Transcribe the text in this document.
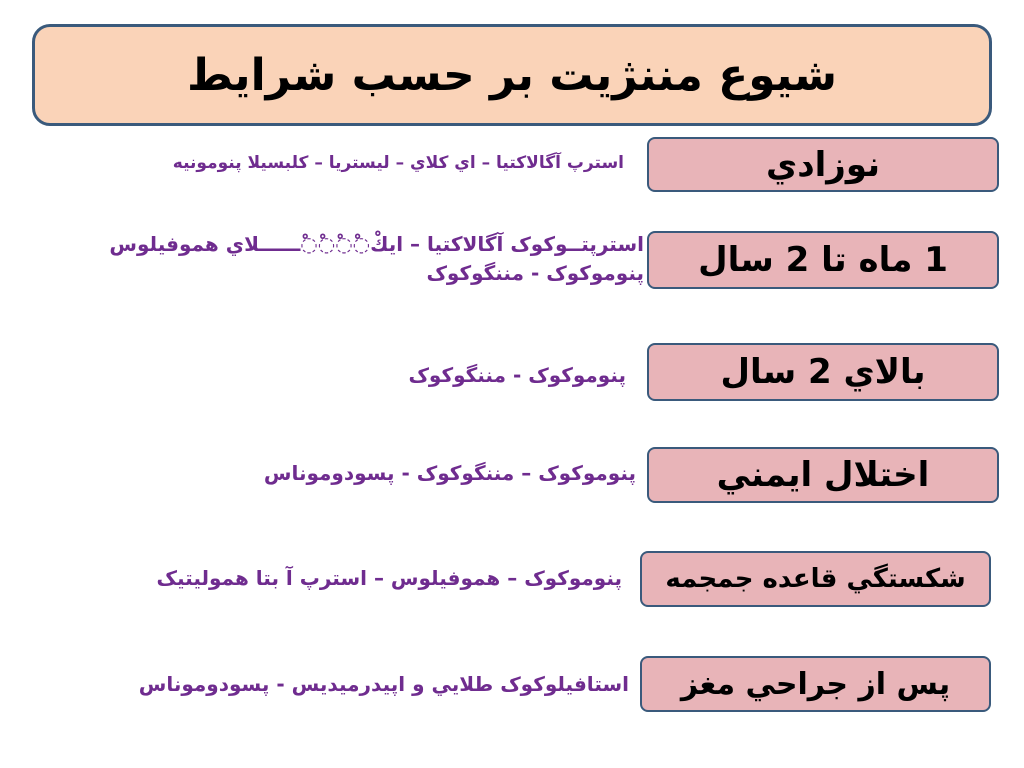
شيوع مننژيت بر حسب شرايط
نوزادي
استرپ آگالاکتيا – اي کلاي – ليستريا – کلبسيلا پنومونيه
1 ماه تا 2 سال
استرپتــوکوک آگالاکتيا – ايكْ◌ْ◌ْ◌ْ◌ْــــــلاي هموفيلوس پنوموکوک - مننگوکوک
بالاي 2 سال
پنوموکوک - مننگوکوک
اختلال ايمني
پنوموکوک – مننگوکوک - پسودوموناس
شکستگي قاعده جمجمه
پنوموکوک – هموفيلوس – استرپ آ بتا هموليتيک
پس از جراحي مغز
استافيلوکوک طلايي و اپيدرميديس - پسودوموناس
